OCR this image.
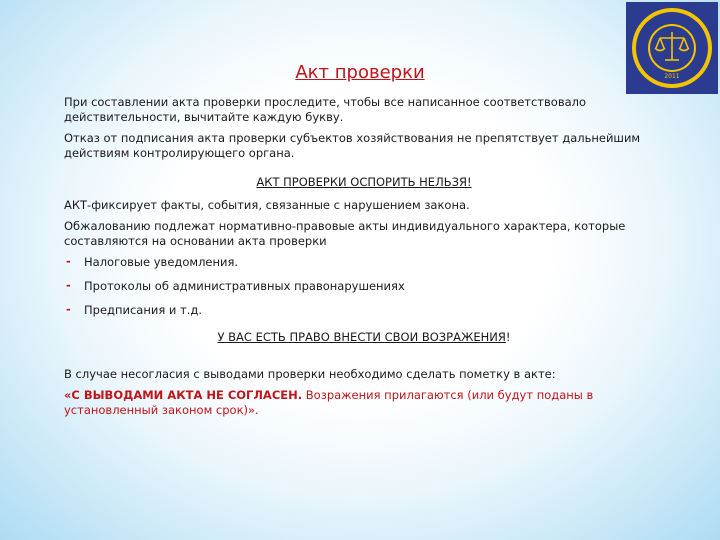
2011
Акт проверки

При составлении акта проверки проследите, чтобы все написанное соответствовало действительности, вычитайте каждую букву.

Отказ от подписания акта проверки субъектов хозяйствования не препятствует дальнейшим действиям контролирующего органа.

АКТ ПРОВЕРКИ ОСПОРИТЬ НЕЛЬЗЯ!

АКТ-фиксирует факты, события, связанные с нарушением закона.

Обжалованию подлежат нормативно-правовые акты индивидуального характера, которые составляются на основании акта проверки

- Налоговые уведомления.
- Протоколы об административных правонарушениях
- Предписания и т.д.

У ВАС ЕСТЬ ПРАВО ВНЕСТИ СВОИ ВОЗРАЖЕНИЯ!

В случае несогласия с выводами проверки необходимо сделать пометку в акте:

«С ВЫВОДАМИ АКТА НЕ СОГЛАСЕН. Возражения прилагаются (или будут поданы в установленный законом срок)».
